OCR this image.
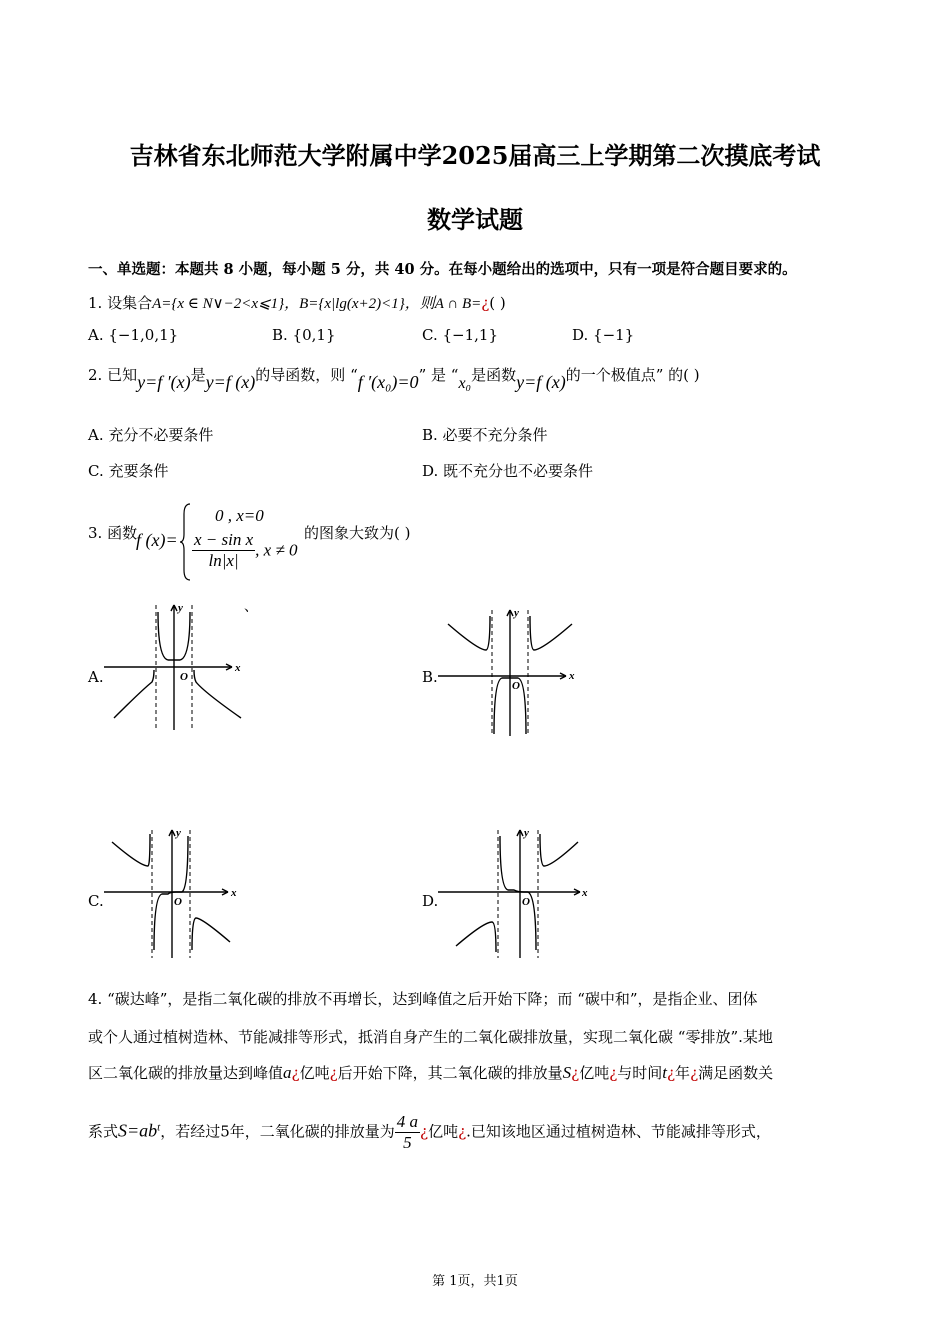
吉林省东北师范大学附属中学2025届高三上学期第二次摸底考试
数学试题
一、单选题：本题共 8 小题，每小题 5 分，共 40 分。在每小题给出的选项中，只有一项是符合题目要求的。
1. 设集合A={x ∈ N∨−2<x⩽1}，B={x|lg(x+2)<1}，则A ∩ B=¿( )
A. {−1,0,1}	B. {0,1}	C. {−1,1}	D. {−1}
2. 已知y=f ′(x)是y=f (x)的导函数，则 “f ′(x₀)=0” 是 “x₀是函数y=f (x)的一个极值点” 的( )
A. 充分不必要条件	B. 必要不充分条件
C. 充要条件	D. 既不充分也不必要条件
3. 函数
f (x)=
0 , x=0
$\frac{\text{x − sin x}}{\ln|x|}$ , x ≠ 0
的图象大致为( )
、
A.	B.
C.	D.
O
x
y
O
x
y
O
x
y
O
x
y
4. “碳达峰”，是指二氧化碳的排放不再增长，达到峰值之后开始下降；而 “碳中和”，是指企业、团体
或个人通过植树造林、节能减排等形式，抵消自身产生的二氧化碳排放量，实现二氧化碳 “零排放”.某地
区二氧化碳的排放量达到峰值a¿亿吨¿后开始下降，其二氧化碳的排放量S¿亿吨¿与时间t¿年¿满足函数关
系式$S=ab^t$，若经过5年，二氧化碳的排放量为 $\frac{4 a}{5}$ ¿亿吨¿.已知该地区通过植树造林、节能减排等形式，
第 1页，共1页
